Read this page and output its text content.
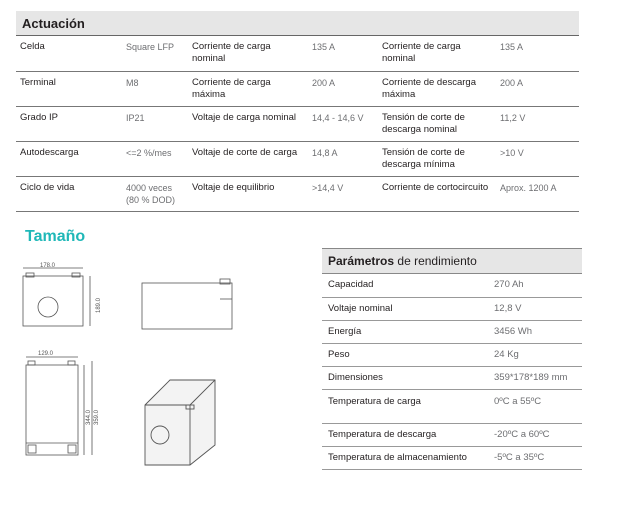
Actuación
Celda	Square LFP	Corriente de carga nominal	135 A	Corriente de carga nominal	135 A
Terminal	M8	Corriente de carga máxima	200 A	Corriente de descarga máxima	200 A
Grado IP	IP21	Voltaje de carga nominal	14,4 - 14,6 V	Tensión de corte de descarga nominal	11,2 V
Autodescarga	<=2 %/mes	Voltaje de corte de carga	14,8 A	Tensión de corte de descarga mínima	>10 V
Ciclo de vida	4000 veces (80 % DOD)	Voltaje de equilibrio	>14,4 V	Corriente de cortocircuito	Aprox. 1200 A
Tamaño
178.0
189.0
129.0
344.0 359.0
Parámetros de rendimiento
Capacidad	270 Ah
Voltaje nominal	12,8 V
Energía	3456 Wh
Peso	24 Kg
Dimensiones	359*178*189 mm
Temperatura de carga	0ºC a 55ºC
Temperatura de descarga	-20ºC a 60ºC
Temperatura de almacenamiento	-5ºC a 35ºC
